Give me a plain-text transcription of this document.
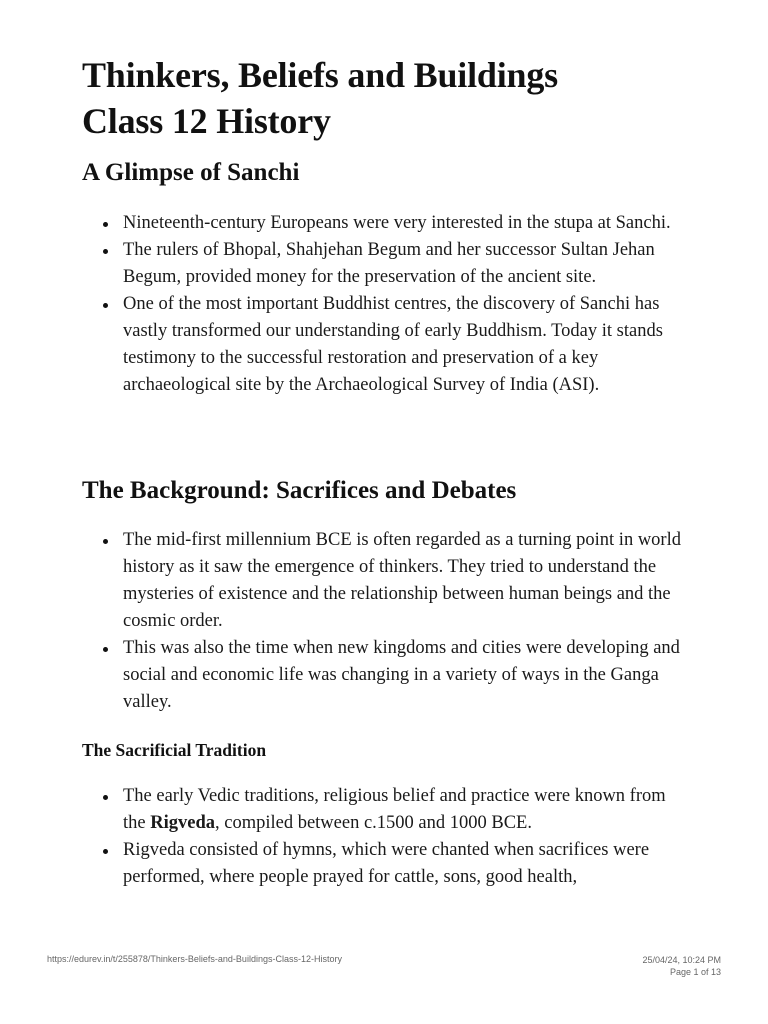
Thinkers, Beliefs and Buildings
Class 12 History
A Glimpse of Sanchi
Nineteenth-century Europeans were very interested in the stupa at Sanchi.
The rulers of Bhopal, Shahjehan Begum and her successor Sultan Jehan Begum, provided money for the preservation of the ancient site.
One of the most important Buddhist centres, the discovery of Sanchi has vastly transformed our understanding of early Buddhism. Today it stands testimony to the successful restoration and preservation of a key archaeological site by the Archaeological Survey of India (ASI).
The Background: Sacrifices and Debates
The mid-first millennium BCE is often regarded as a turning point in world history as it saw the emergence of thinkers. They tried to understand the mysteries of existence and the relationship between human beings and the cosmic order.
This was also the time when new kingdoms and cities were developing and social and economic life was changing in a variety of ways in the Ganga valley.
The Sacrificial Tradition
The early Vedic traditions, religious belief and practice were known from the Rigveda, compiled between c.1500 and 1000 BCE.
Rigveda consisted of hymns, which were chanted when sacrifices were performed, where people prayed for cattle, sons, good health,
https://edurev.in/t/255878/Thinkers-Beliefs-and-Buildings-Class-12-History	25/04/24, 10:24 PM
Page 1 of 13
